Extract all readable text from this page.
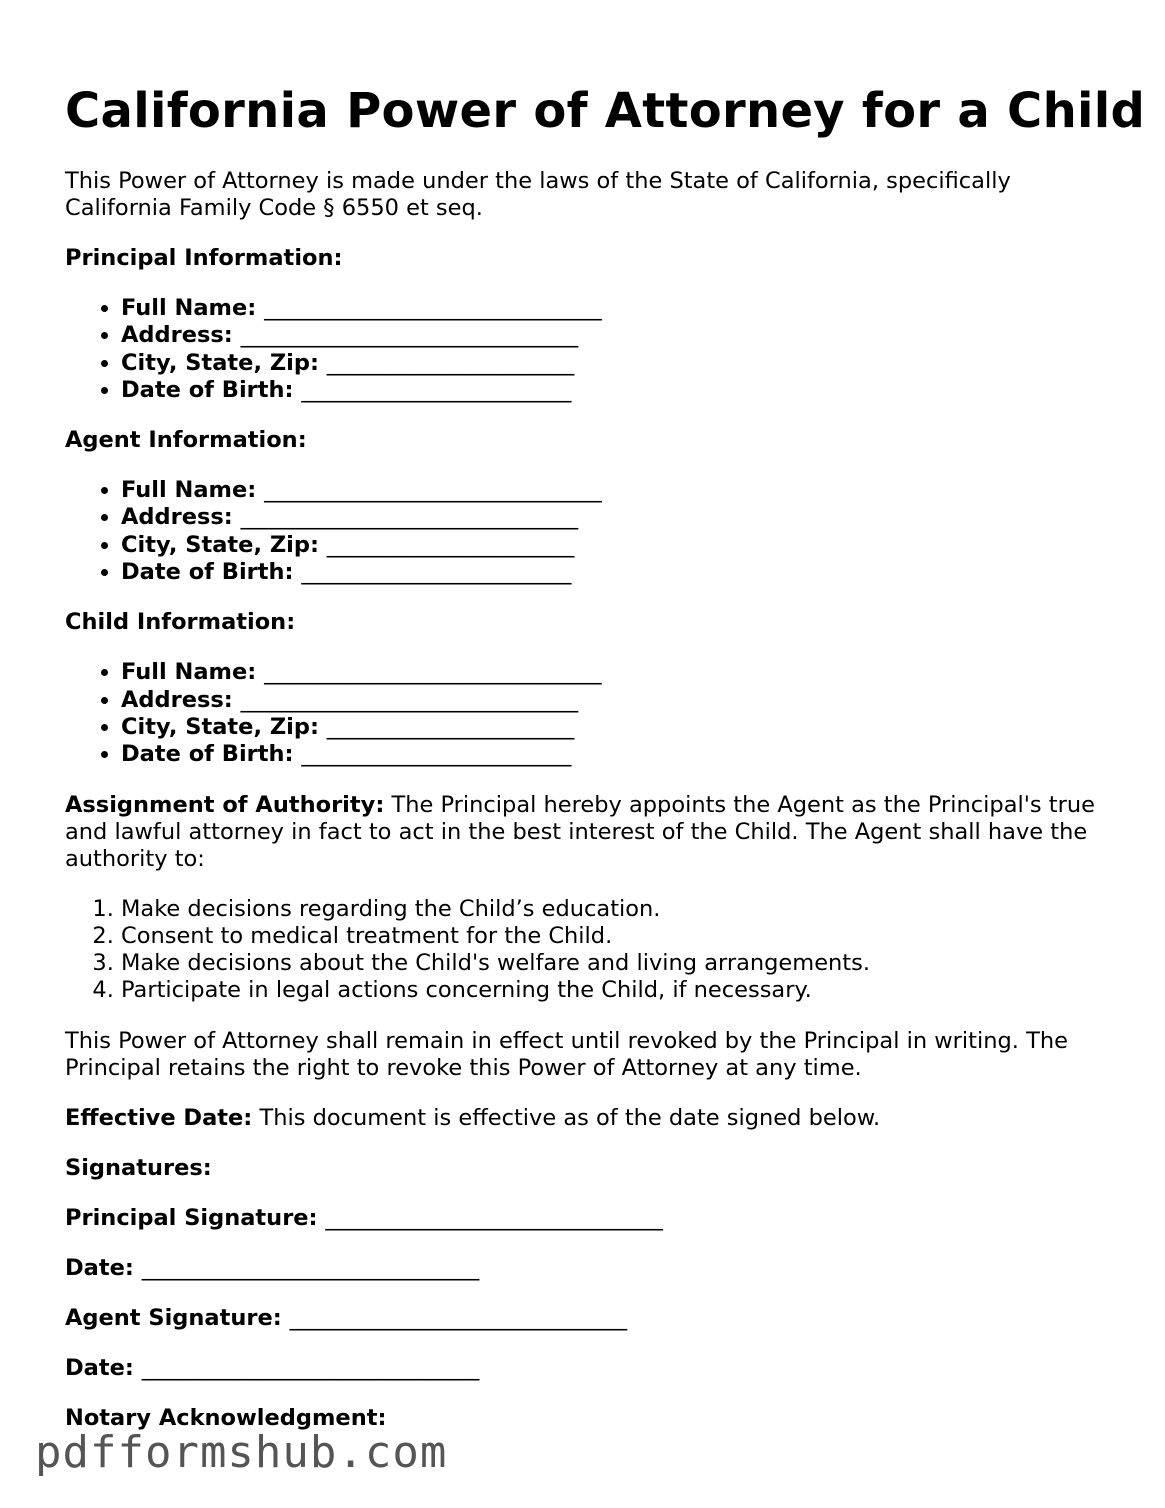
California Power of Attorney for a Child

This Power of Attorney is made under the laws of the State of California, specifically California Family Code § 6550 et seq.

Principal Information:

• Full Name: ______________________________
• Address: ______________________________
• City, State, Zip: ______________________
• Date of Birth: ________________________

Agent Information:

• Full Name: ______________________________
• Address: ______________________________
• City, State, Zip: ______________________
• Date of Birth: ________________________

Child Information:

• Full Name: ______________________________
• Address: ______________________________
• City, State, Zip: ______________________
• Date of Birth: ________________________

Assignment of Authority: The Principal hereby appoints the Agent as the Principal's true and lawful attorney in fact to act in the best interest of the Child. The Agent shall have the authority to:

1. Make decisions regarding the Child’s education.
2. Consent to medical treatment for the Child.
3. Make decisions about the Child's welfare and living arrangements.
4. Participate in legal actions concerning the Child, if necessary.

This Power of Attorney shall remain in effect until revoked by the Principal in writing. The Principal retains the right to revoke this Power of Attorney at any time.

Effective Date: This document is effective as of the date signed below.

Signatures:

Principal Signature: ______________________________

Date: ______________________________

Agent Signature: ______________________________

Date: ______________________________

Notary Acknowledgment:

pdfformshub.com
